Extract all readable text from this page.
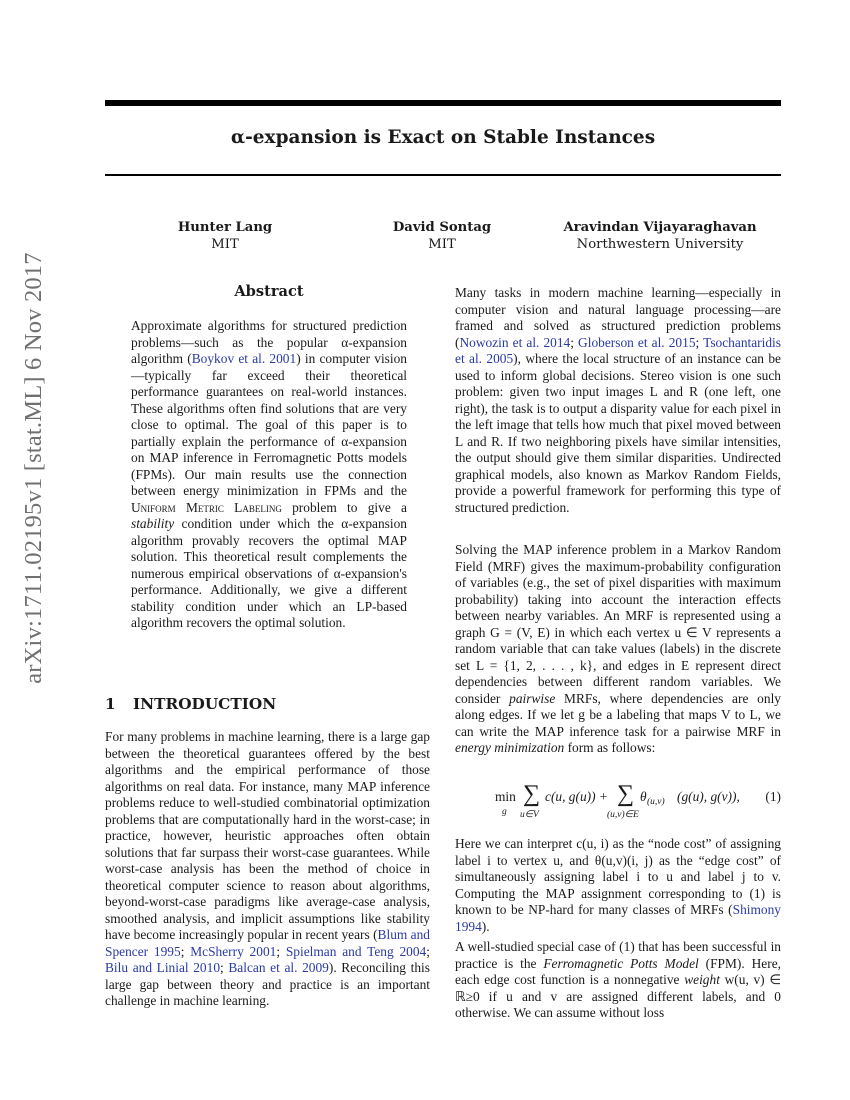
α-expansion is Exact on Stable Instances
Hunter Lang
MIT
David Sontag
MIT
Aravindan Vijayaraghavan
Northwestern University
arXiv:1711.02195v1 [stat.ML] 6 Nov 2017	Abstract
Approximate algorithms for structured prediction problems—such as the popular α-expansion algorithm (Boykov et al. 2001) in computer vision—typically far exceed their theoretical performance guarantees on real-world instances. These algorithms often find solutions that are very close to optimal. The goal of this paper is to partially explain the performance of α-expansion on MAP inference in Ferromagnetic Potts models (FPMs). Our main results use the connection between energy minimization in FPMs and the Uniform Metric Labeling problem to give a stability condition under which the α-expansion algorithm provably recovers the optimal MAP solution. This theoretical result complements the numerous empirical observations of α-expansion's performance. Additionally, we give a different stability condition under which an LP-based algorithm recovers the optimal solution.
1 INTRODUCTION
For many problems in machine learning, there is a large gap between the theoretical guarantees offered by the best algorithms and the empirical performance of those algorithms on real data. For instance, many MAP inference problems reduce to well-studied combinatorial optimization problems that are computationally hard in the worst-case; in practice, however, heuristic approaches often obtain solutions that far surpass their worst-case guarantees. While worst-case analysis has been the method of choice in theoretical computer science to reason about algorithms, beyond-worst-case paradigms like average-case analysis, smoothed analysis, and implicit assumptions like stability have become increasingly popular in recent years (Blum and Spencer 1995; McSherry 2001; Spielman and Teng 2004; Bilu and Linial 2010; Balcan et al. 2009). Reconciling this large gap between theory and practice is an important challenge in machine learning.
Many tasks in modern machine learning—especially in computer vision and natural language processing—are framed and solved as structured prediction problems (Nowozin et al. 2014; Globerson et al. 2015; Tsochantaridis et al. 2005), where the local structure of an instance can be used to inform global decisions. Stereo vision is one such problem: given two input images L and R (one left, one right), the task is to output a disparity value for each pixel in the left image that tells how much that pixel moved between L and R. If two neighboring pixels have similar intensities, the output should give them similar disparities. Undirected graphical models, also known as Markov Random Fields, provide a powerful framework for performing this type of structured prediction.
Solving the MAP inference problem in a Markov Random Field (MRF) gives the maximum-probability configuration of variables (e.g., the set of pixel disparities with maximum probability) taking into account the interaction effects between nearby variables. An MRF is represented using a graph G = (V, E) in which each vertex u ∈ V represents a random variable that can take values (labels) in the discrete set L = {1, 2, . . . , k}, and edges in E represent direct dependencies between different random variables. We consider pairwise MRFs, where dependencies are only along edges. If we let g be a labeling that maps V to L, we can write the MAP inference task for a pairwise MRF in energy minimization form as follows:
min
g
∑
u∈V
c(u, g(u)) + ∑
(u,v)∈E
θ (u,v) (g(u), g(v)), (1)
Here we can interpret c(u, i) as the “node cost” of assigning label i to vertex u, and θ(u,v)(i, j) as the “edge cost” of simultaneously assigning label i to u and label j to v. Computing the MAP assignment corresponding to (1) is known to be NP-hard for many classes of MRFs (Shimony 1994).
A well-studied special case of (1) that has been successful in practice is the Ferromagnetic Potts Model (FPM). Here, each edge cost function is a nonnegative weight w(u, v) ∈ ℝ≥0 if u and v are assigned different labels, and 0 otherwise. We can assume without loss
